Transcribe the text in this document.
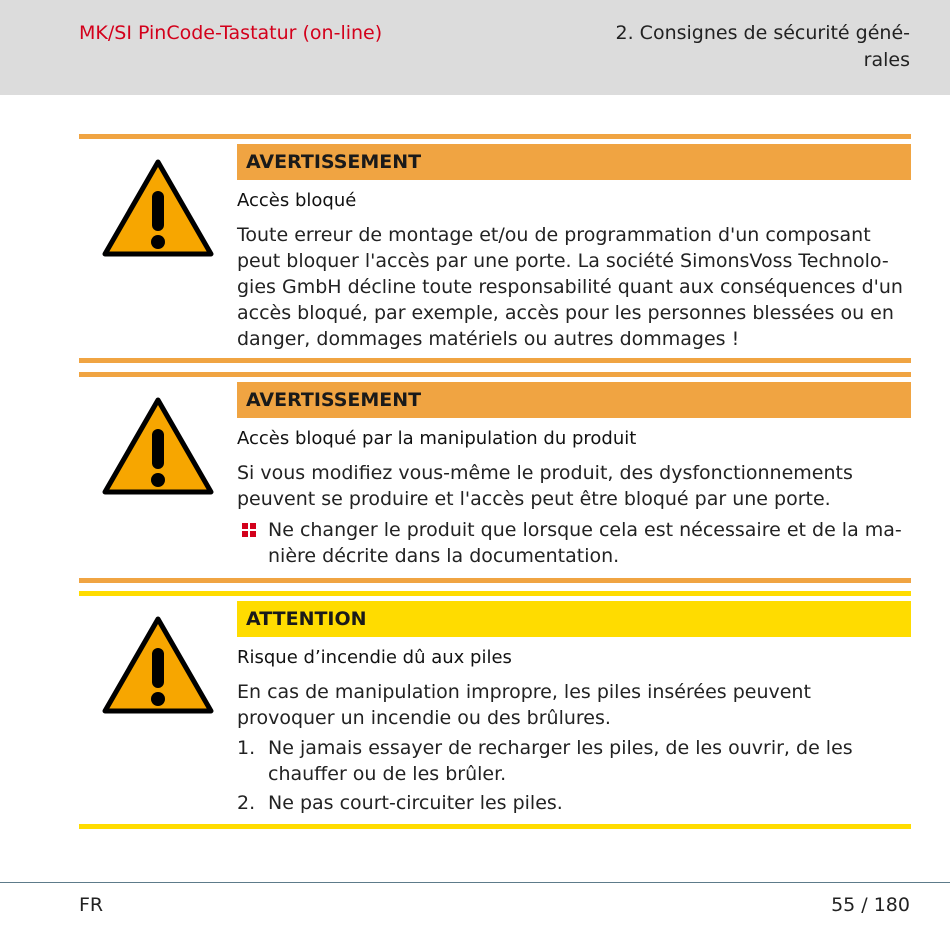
MK/SI PinCode-Tastatur (on-line)	2. Consignes de sécurité géné-rales
AVERTISSEMENT
Accès bloqué
Toute erreur de montage et/ou de programmation d'un composant peut bloquer l'accès par une porte. La société SimonsVoss Technolo-gies GmbH décline toute responsabilité quant aux conséquences d'un accès bloqué, par exemple, accès pour les personnes blessées ou en danger, dommages matériels ou autres dommages !
AVERTISSEMENT
Accès bloqué par la manipulation du produit
Si vous modifiez vous-même le produit, des dysfonctionnements peuvent se produire et l'accès peut être bloqué par une porte.
Ne changer le produit que lorsque cela est nécessaire et de la ma-nière décrite dans la documentation.
ATTENTION
Risque d’incendie dû aux piles
En cas de manipulation impropre, les piles insérées peuvent provoquer un incendie ou des brûlures.
1. Ne jamais essayer de recharger les piles, de les ouvrir, de les chauffer ou de les brûler.
2. Ne pas court-circuiter les piles.
FR	55 / 180
